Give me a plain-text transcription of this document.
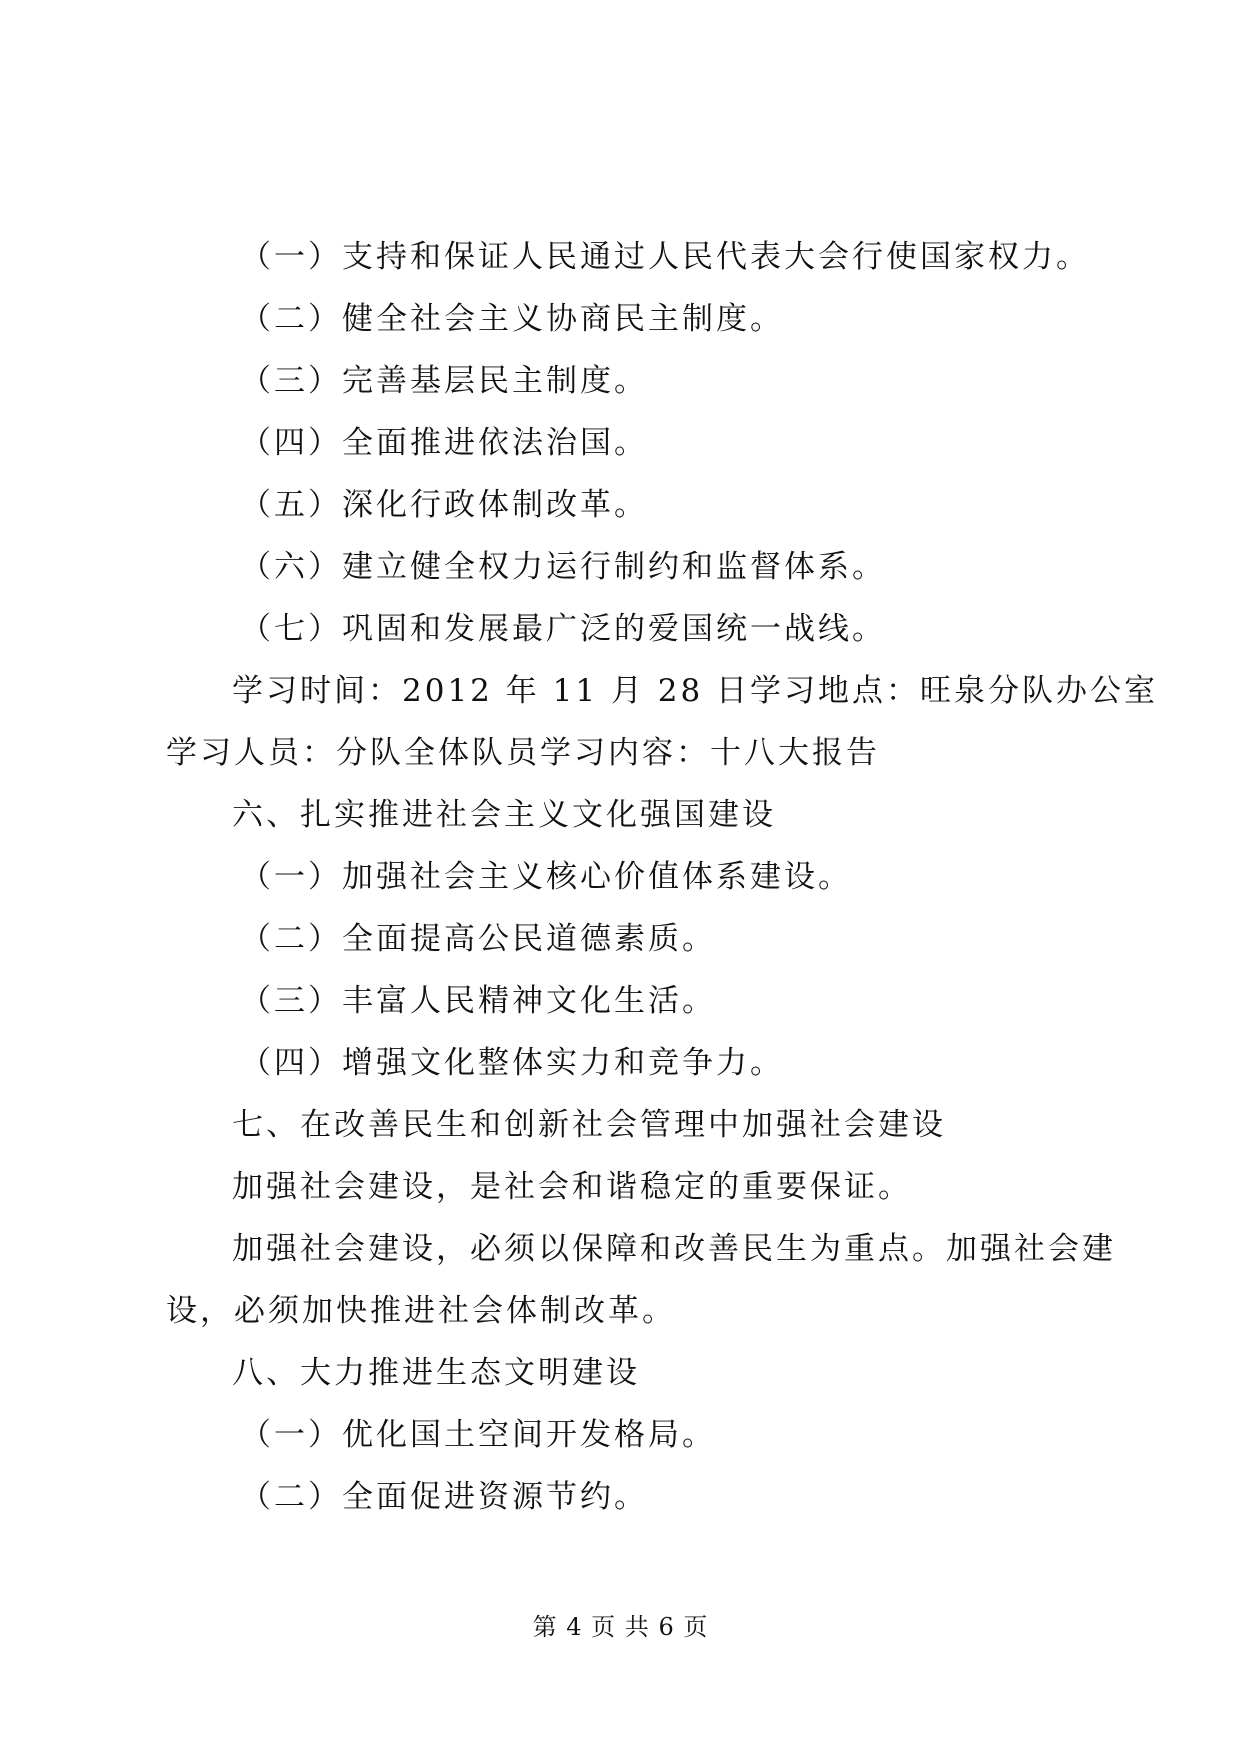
（一）支持和保证人民通过人民代表大会行使国家权力。
（二）健全社会主义协商民主制度。
（三）完善基层民主制度。
（四）全面推进依法治国。
（五）深化行政体制改革。
（六）建立健全权力运行制约和监督体系。
（七）巩固和发展最广泛的爱国统一战线。
学习时间：2012 年 11 月 28 日学习地点：旺泉分队办公室
学习人员：分队全体队员学习内容：十八大报告
六、扎实推进社会主义文化强国建设
（一）加强社会主义核心价值体系建设。
（二）全面提高公民道德素质。
（三）丰富人民精神文化生活。
（四）增强文化整体实力和竞争力。
七、在改善民生和创新社会管理中加强社会建设
加强社会建设，是社会和谐稳定的重要保证。
加强社会建设，必须以保障和改善民生为重点。加强社会建
设，必须加快推进社会体制改革。
八、大力推进生态文明建设
（一）优化国土空间开发格局。
（二）全面促进资源节约。
第 4 页 共 6 页
